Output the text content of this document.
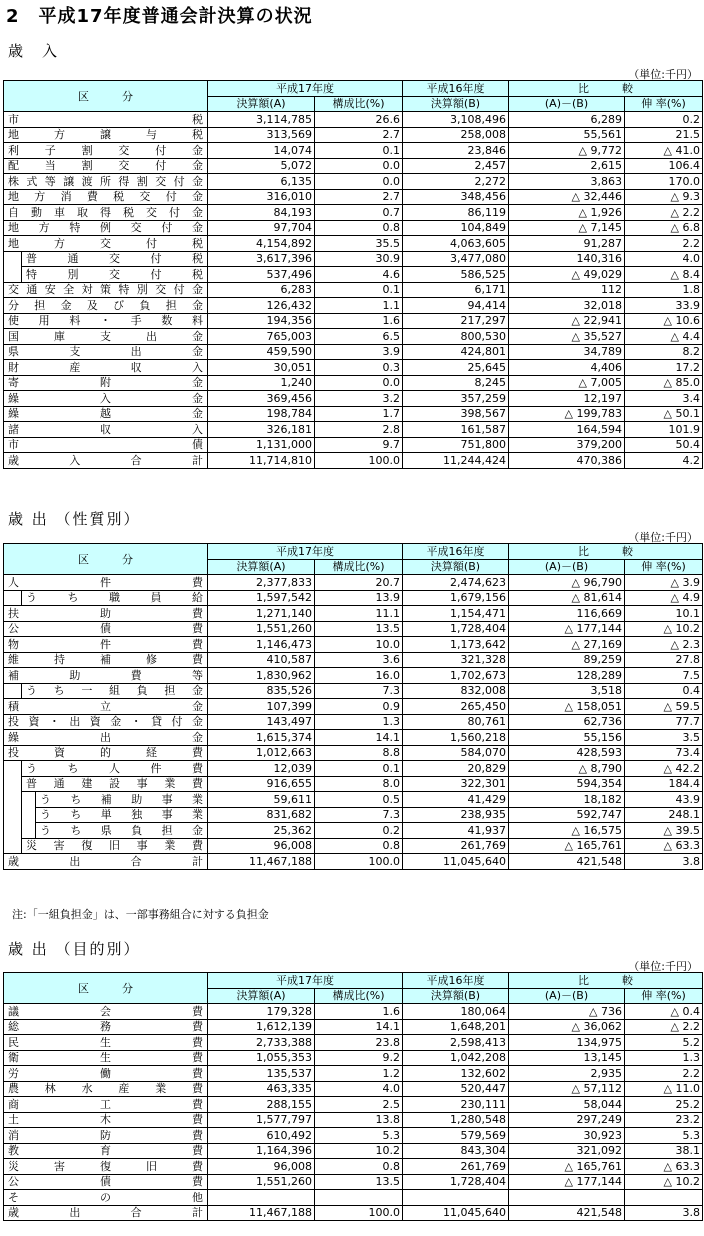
2　平成17年度普通会計決算の状況
歳　入
（単位:千円）
区　　　分		平成17年度		平成16年度	比　　　較	
		決算額(A)	構成比(%)	決算額(B)	(A)－(B)	伸 率(%)
市税		3,114,785	26.6	3,108,496	6,289	0.2
地方譲与税		313,569	2.7	258,008	55,561	21.5
利子割交付金		14,074	0.1	23,846	△ 9,772	△ 41.0
配当割交付金		5,072	0.0	2,457	2,615	106.4
株式等譲渡所得割交付金		6,135	0.0	2,272	3,863	170.0
地方消費税交付金		316,010	2.7	348,456	△ 32,446	△ 9.3
自動車取得税交付金		84,193	0.7	86,119	△ 1,926	△ 2.2
地方特例交付金		97,704	0.8	104,849	△ 7,145	△ 6.8
地方交付税		4,154,892	35.5	4,063,605	91,287	2.2
	普通交付税	3,617,396	30.9	3,477,080	140,316	4.0
	特別交付税	537,496	4.6	586,525	△ 49,029	△ 8.4
交通安全対策特別交付金		6,283	0.1	6,171	112	1.8
分担金及び負担金		126,432	1.1	94,414	32,018	33.9
使用料・手数料		194,356	1.6	217,297	△ 22,941	△ 10.6
国庫支出金		765,003	6.5	800,530	△ 35,527	△ 4.4
県支出金		459,590	3.9	424,801	34,789	8.2
財産収入		30,051	0.3	25,645	4,406	17.2
寄附金		1,240	0.0	8,245	△ 7,005	△ 85.0
繰入金		369,456	3.2	357,259	12,197	3.4
繰越金		198,784	1.7	398,567	△ 199,783	△ 50.1
諸収入		326,181	2.8	161,587	164,594	101.9
市債		1,131,000	9.7	751,800	379,200	50.4
歳入合計		11,714,810	100.0	11,244,424	470,386	4.2
歳 出 （性質別）
（単位:千円）
区　　　分			平成17年度		平成16年度	比　　　較	
			決算額(A)	構成比(%)	決算額(B)	(A)－(B)	伸 率(%)
人件費			2,377,833	20.7	2,474,623	△ 96,790	△ 3.9
	うち職員給		1,597,542	13.9	1,679,156	△ 81,614	△ 4.9
扶助費			1,271,140	11.1	1,154,471	116,669	10.1
公債費			1,551,260	13.5	1,728,404	△ 177,144	△ 10.2
物件費			1,146,473	10.0	1,173,642	△ 27,169	△ 2.3
維持補修費			410,587	3.6	321,328	89,259	27.8
補助費等			1,830,962	16.0	1,702,673	128,289	7.5
	うち一組負担金		835,526	7.3	832,008	3,518	0.4
積立金			107,399	0.9	265,450	△ 158,051	△ 59.5
投資・出資金・貸付金			143,497	1.3	80,761	62,736	77.7
繰出金			1,615,374	14.1	1,560,218	55,156	3.5
投資的経費			1,012,663	8.8	584,070	428,593	73.4
	うち人件費		12,039	0.1	20,829	△ 8,790	△ 42.2
	普通建設事業費		916,655	8.0	322,301	594,354	184.4
		うち補助事業	59,611	0.5	41,429	18,182	43.9
		うち単独事業	831,682	7.3	238,935	592,747	248.1
		うち県負担金	25,362	0.2	41,937	△ 16,575	△ 39.5
	災害復旧事業費		96,008	0.8	261,769	△ 165,761	△ 63.3
歳出合計			11,467,188	100.0	11,045,640	421,548	3.8
注:「一組負担金」は、一部事務組合に対する負担金
歳 出 （目的別）
（単位:千円）
区　　　分	平成17年度		平成16年度	比　　　較	
	決算額(A)	構成比(%)	決算額(B)	(A)－(B)	伸 率(%)
議会費	179,328	1.6	180,064	△ 736	△ 0.4
総務費	1,612,139	14.1	1,648,201	△ 36,062	△ 2.2
民生費	2,733,388	23.8	2,598,413	134,975	5.2
衛生費	1,055,353	9.2	1,042,208	13,145	1.3
労働費	135,537	1.2	132,602	2,935	2.2
農林水産業費	463,335	4.0	520,447	△ 57,112	△ 11.0
商工費	288,155	2.5	230,111	58,044	25.2
土木費	1,577,797	13.8	1,280,548	297,249	23.2
消防費	610,492	5.3	579,569	30,923	5.3
教育費	1,164,396	10.2	843,304	321,092	38.1
災害復旧費	96,008	0.8	261,769	△ 165,761	△ 63.3
公債費	1,551,260	13.5	1,728,404	△ 177,144	△ 10.2
その他					
歳出合計	11,467,188	100.0	11,045,640	421,548	3.8
